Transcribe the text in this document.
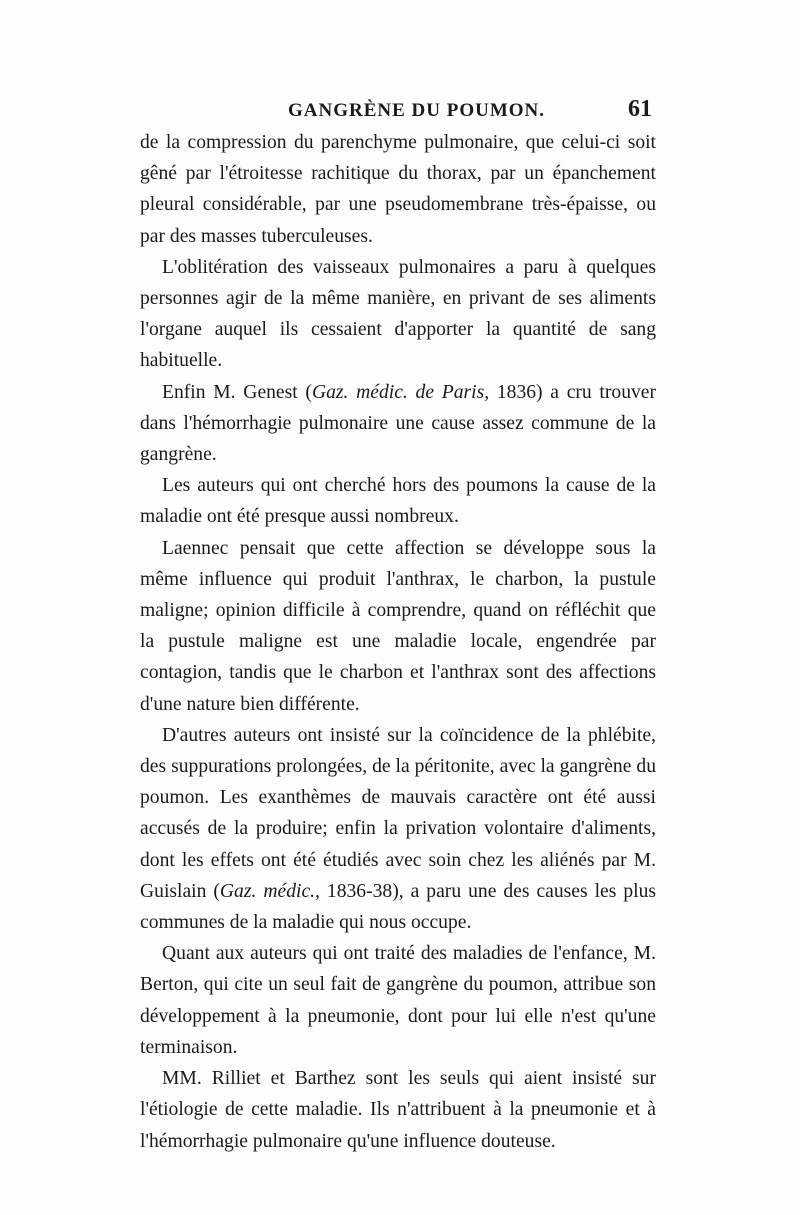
GANGRÈNE DU POUMON.	61

de la compression du parenchyme pulmonaire, que celui-ci soit gêné par l'étroitesse rachitique du thorax, par un épanchement pleural considérable, par une pseudomembrane très-épaisse, ou par des masses tuberculeuses.

L'oblitération des vaisseaux pulmonaires a paru à quelques personnes agir de la même manière, en privant de ses aliments l'organe auquel ils cessaient d'apporter la quantité de sang habituelle.

Enfin M. Genest (Gaz. médic. de Paris, 1836) a cru trouver dans l'hémorrhagie pulmonaire une cause assez commune de la gangrène.

Les auteurs qui ont cherché hors des poumons la cause de la maladie ont été presque aussi nombreux.

Laennec pensait que cette affection se développe sous la même influence qui produit l'anthrax, le charbon, la pustule maligne; opinion difficile à comprendre, quand on réfléchit que la pustule maligne est une maladie locale, engendrée par contagion, tandis que le charbon et l'anthrax sont des affections d'une nature bien différente.

D'autres auteurs ont insisté sur la coïncidence de la phlébite, des suppurations prolongées, de la péritonite, avec la gangrène du poumon. Les exanthèmes de mauvais caractère ont été aussi accusés de la produire; enfin la privation volontaire d'aliments, dont les effets ont été étudiés avec soin chez les aliénés par M. Guislain (Gaz. médic., 1836-38), a paru une des causes les plus communes de la maladie qui nous occupe.

Quant aux auteurs qui ont traité des maladies de l'enfance, M. Berton, qui cite un seul fait de gangrène du poumon, attribue son développement à la pneumonie, dont pour lui elle n'est qu'une terminaison.

MM. Rilliet et Barthez sont les seuls qui aient insisté sur l'étiologie de cette maladie. Ils n'attribuent à la pneumonie et à l'hémorrhagie pulmonaire qu'une influence douteuse.
